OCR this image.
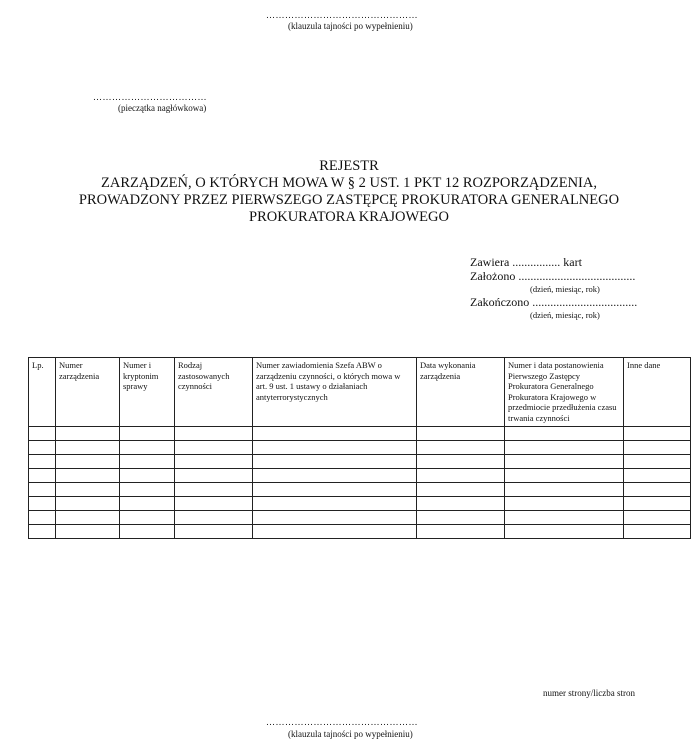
…………………………………………
(klauzula tajności po wypełnieniu)
………………………………
(pieczątka nagłówkowa)
REJESTR
ZARZĄDZEŃ, O KTÓRYCH MOWA W § 2 UST. 1 PKT 12 ROZPORZĄDZENIA,
PROWADZONY PRZEZ PIERWSZEGO ZASTĘPCĘ PROKURATORA GENERALNEGO
PROKURATORA KRAJOWEGO
Zawiera ................ kart
Założono .......................................
(dzień, miesiąc, rok)
Zakończono ...................................
(dzień, miesiąc, rok)
Lp.	Numer zarządzenia	Numer i kryptonim sprawy	Rodzaj zastosowanych czynności	Numer zawiadomienia Szefa ABW o zarządzeniu czynności, o których mowa w art. 9 ust. 1 ustawy o działaniach antyterrorystycznych	Data wykonania zarządzenia	Numer i data postanowienia Pierwszego Zastępcy Prokuratora Generalnego Prokuratora Krajowego w przedmiocie przedłużenia czasu trwania czynności	Inne dane

numer strony/liczba stron
…………………………………………
(klauzula tajności po wypełnieniu)
